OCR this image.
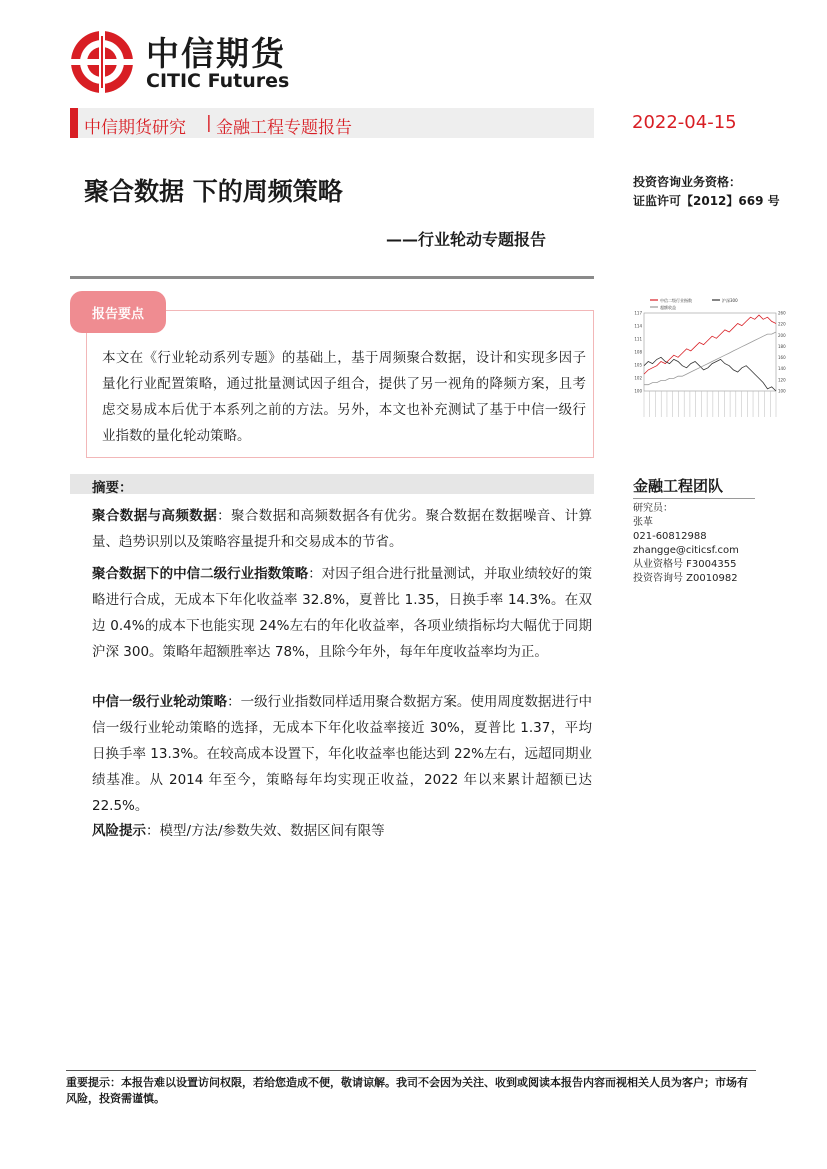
中信期货
CITIC Futures
中信期货研究 | 金融工程专题报告	2022-04-15
聚合数据 下的周频策略
——行业轮动专题报告
投资咨询业务资格：
证监许可【2012】669 号
报告要点
本文在《行业轮动系列专题》的基础上，基于周频聚合数据，设计和实现多因子量化行业配置策略，通过批量测试因子组合，提供了另一视角的降频方案，且考虑交易成本后优于本系列之前的方法。另外，本文也补充测试了基于中信一级行业指数的量化轮动策略。
中信二级行业指数	沪深300
超额收益
117
114
111
108
105
102
100
260
220
200
180
160
140
120
100
摘要：
聚合数据与高频数据：聚合数据和高频数据各有优劣。聚合数据在数据噪音、计算量、趋势识别以及策略容量提升和交易成本的节省。
聚合数据下的中信二级行业指数策略：对因子组合进行批量测试，并取业绩较好的策略进行合成，无成本下年化收益率 32.8%，夏普比 1.35，日换手率 14.3%。在双边 0.4%的成本下也能实现 24%左右的年化收益率，各项业绩指标均大幅优于同期沪深 300。策略年超额胜率达 78%，且除今年外，每年年度收益率均为正。
中信一级行业轮动策略：一级行业指数同样适用聚合数据方案。使用周度数据进行中信一级行业轮动策略的选择，无成本下年化收益率接近 30%，夏普比 1.37，平均日换手率 13.3%。在较高成本设置下，年化收益率也能达到 22%左右，远超同期业绩基准。从 2014 年至今，策略每年均实现正收益，2022 年以来累计超额已达 22.5%。
风险提示：模型/方法/参数失效、数据区间有限等
金融工程团队
研究员：
张革
021-60812988
zhangge@citicsf.com
从业资格号 F3004355
投资咨询号 Z0010982
重要提示：本报告难以设置访问权限，若给您造成不便，敬请谅解。我司不会因为关注、收到或阅读本报告内容而视相关人员为客户；市场有风险，投资需谨慎。
